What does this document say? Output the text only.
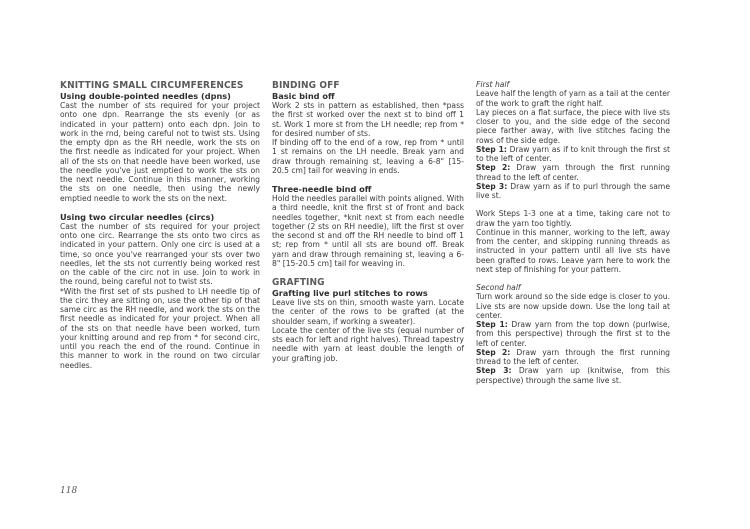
KNITTING SMALL CIRCUMFERENCES
Using double-pointed needles (dpns)

Cast the number of sts required for your project onto one dpn. Rearrange the sts evenly (or as indicated in your pattern) onto each dpn. Join to work in the rnd, being careful not to twist sts. Using the empty dpn as the RH needle, work the sts on the first needle as indicated for your project. When all of the sts on that needle have been worked, use the needle you've just emptied to work the sts on the next needle. Continue in this manner, working the sts on one needle, then using the newly emptied needle to work the sts on the next.

Using two circular needles (circs)

Cast the number of sts required for your project onto one circ. Rearrange the sts onto two circs as indicated in your pattern. Only one circ is used at a time, so once you've rearranged your sts over two needles, let the sts not currently being worked rest on the cable of the circ not in use. Join to work in the round, being careful not to twist sts.

*With the first set of sts pushed to LH needle tip of the circ they are sitting on, use the other tip of that same circ as the RH needle, and work the sts on the first needle as indicated for your project. When all of the sts on that needle have been worked, turn your knitting around and rep from * for second circ, until you reach the end of the round. Continue in this manner to work in the round on two circular needles.

BINDING OFF
Basic bind off

Work 2 sts in pattern as established, then *pass the first st worked over the next st to bind off 1 st. Work 1 more st from the LH needle; rep from * for desired number of sts.

If binding off to the end of a row, rep from * until 1 st remains on the LH needle. Break yarn and draw through remaining st, leaving a 6-8" [15-20.5 cm] tail for weaving in ends.

Three-needle bind off

Hold the needles parallel with points aligned. With a third needle, knit the first st of front and back needles together, *knit next st from each needle together (2 sts on RH needle), lift the first st over the second st and off the RH needle to bind off 1 st; rep from * until all sts are bound off. Break yarn and draw through remaining st, leaving a 6-8" [15-20.5 cm] tail for weaving in.

GRAFTING
Grafting live purl stitches to rows

Leave live sts on thin, smooth waste yarn. Locate the center of the rows to be grafted (at the shoulder seam, if working a sweater).

Locate the center of the live sts (equal number of sts each for left and right halves). Thread tapestry needle with yarn at least double the length of your grafting job.

First half

Leave half the length of yarn as a tail at the center of the work to graft the right half.

Lay pieces on a flat surface, the piece with live sts closer to you, and the side edge of the second piece farther away, with live stitches facing the rows of the side edge.

Step 1: Draw yarn as if to knit through the first st to the left of center.

Step 2: Draw yarn through the first running thread to the left of center.

Step 3: Draw yarn as if to purl through the same live st.

Work Steps 1-3 one at a time, taking care not to draw the yarn too tightly.

Continue in this manner, working to the left, away from the center, and skipping running threads as instructed in your pattern until all live sts have been grafted to rows. Leave yarn here to work the next step of finishing for your pattern.

Second half

Turn work around so the side edge is closer to you. Live sts are now upside down. Use the long tail at center.

Step 1: Draw yarn from the top down (purlwise, from this perspective) through the first st to the left of center.

Step 2: Draw yarn through the first running thread to the left of center.

Step 3: Draw yarn up (knitwise, from this perspective) through the same live st.

118
